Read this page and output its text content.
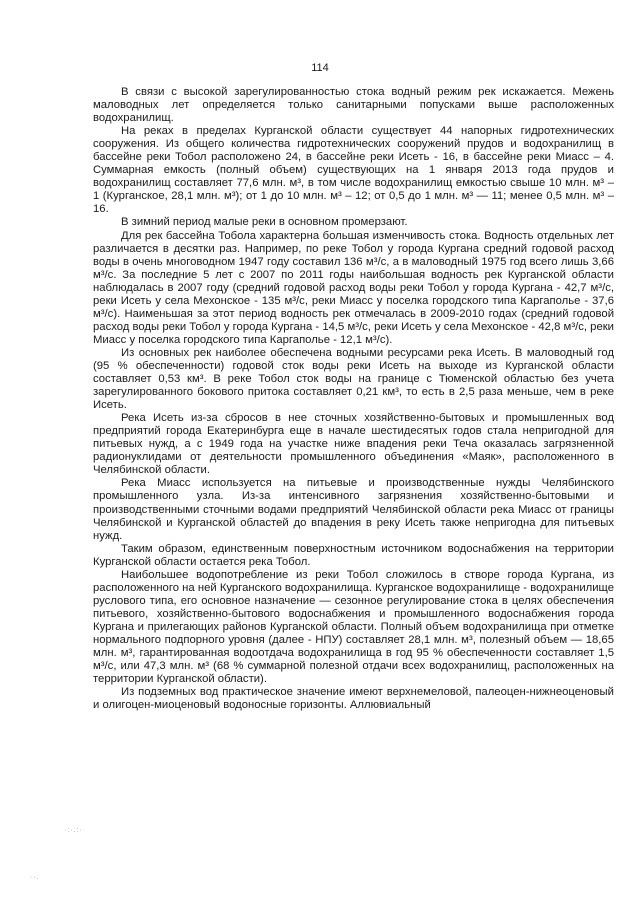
114

В связи с высокой зарегулированностью стока водный режим рек искажается. Межень маловодных лет определяется только санитарными попусками выше расположенных водохранилищ.

На реках в пределах Курганской области существует 44 напорных гидротехнических сооружения. Из общего количества гидротехнических сооружений прудов и водохранилищ в бассейне реки Тобол расположено 24, в бассейне реки Исеть - 16, в бассейне реки Миасс – 4. Суммарная емкость (полный объем) существующих на 1 января 2013 года прудов и водохранилищ составляет 77,6 млн. м³, в том числе водохранилищ емкостью свыше 10 млн. м³ – 1 (Курганское, 28,1 млн. м³); от 1 до 10 млн. м³ – 12; от 0,5 до 1 млн. м³ — 11; менее 0,5 млн. м³ – 16.

В зимний период малые реки в основном промерзают.

Для рек бассейна Тобола характерна большая изменчивость стока. Водность отдельных лет различается в десятки раз. Например, по реке Тобол у города Кургана средний годовой расход воды в очень многоводном 1947 году составил 136 м³/с, а в маловодный 1975 год всего лишь 3,66 м³/с. За последние 5 лет с 2007 по 2011 годы наибольшая водность рек Курганской области наблюдалась в 2007 году (средний годовой расход воды реки Тобол у города Кургана - 42,7 м³/с, реки Исеть у села Мехонское - 135 м³/с, реки Миасс у поселка городского типа Каргаполье - 37,6 м³/с). Наименьшая за этот период водность рек отмечалась в 2009-2010 годах (средний годовой расход воды реки Тобол у города Кургана - 14,5 м³/с, реки Исеть у села Мехонское - 42,8 м³/с, реки Миасс у поселка городского типа Каргаполье - 12,1 м³/с).

Из основных рек наиболее обеспечена водными ресурсами река Исеть. В маловодный год (95 % обеспеченности) годовой сток воды реки Исеть на выходе из Курганской области составляет 0,53 км³. В реке Тобол сток воды на границе с Тюменской областью без учета зарегулированного бокового притока составляет 0,21 км³, то есть в 2,5 раза меньше, чем в реке Исеть.

Река Исеть из-за сбросов в нее сточных хозяйственно-бытовых и промышленных вод предприятий города Екатеринбурга еще в начале шестидесятых годов стала непригодной для питьевых нужд, а с 1949 года на участке ниже впадения реки Теча оказалась загрязненной радионуклидами от деятельности промышленного объединения «Маяк», расположенного в Челябинской области.

Река Миасс используется на питьевые и производственные нужды Челябинского промышленного узла. Из-за интенсивного загрязнения хозяйственно-бытовыми и производственными сточными водами предприятий Челябинской области река Миасс от границы Челябинской и Курганской областей до впадения в реку Исеть также непригодна для питьевых нужд.

Таким образом, единственным поверхностным источником водоснабжения на территории Курганской области остается река Тобол.

Наибольшее водопотребление из реки Тобол сложилось в створе города Кургана, из расположенного на ней Курганского водохранилища. Курганское водохранилище - водохранилище руслового типа, его основное назначение — сезонное регулирование стока в целях обеспечения питьевого, хозяйственно-бытового водоснабжения и промышленного водоснабжения города Кургана и прилегающих районов Курганской области. Полный объем водохранилища при отметке нормального подпорного уровня (далее - НПУ) составляет 28,1 млн. м³, полезный объем — 18,65 млн. м³, гарантированная водоотдача водохранилища в год 95 % обеспеченности составляет 1,5 м³/с, или 47,3 млн. м³ (68 % суммарной полезной отдачи всех водохранилищ, расположенных на территории Курганской области).

Из подземных вод практическое значение имеют верхнемеловой, палеоцен-нижнеоценовый и олигоцен-миоценовый водоносные горизонты. Аллювиальный

·:·.:·
··.
